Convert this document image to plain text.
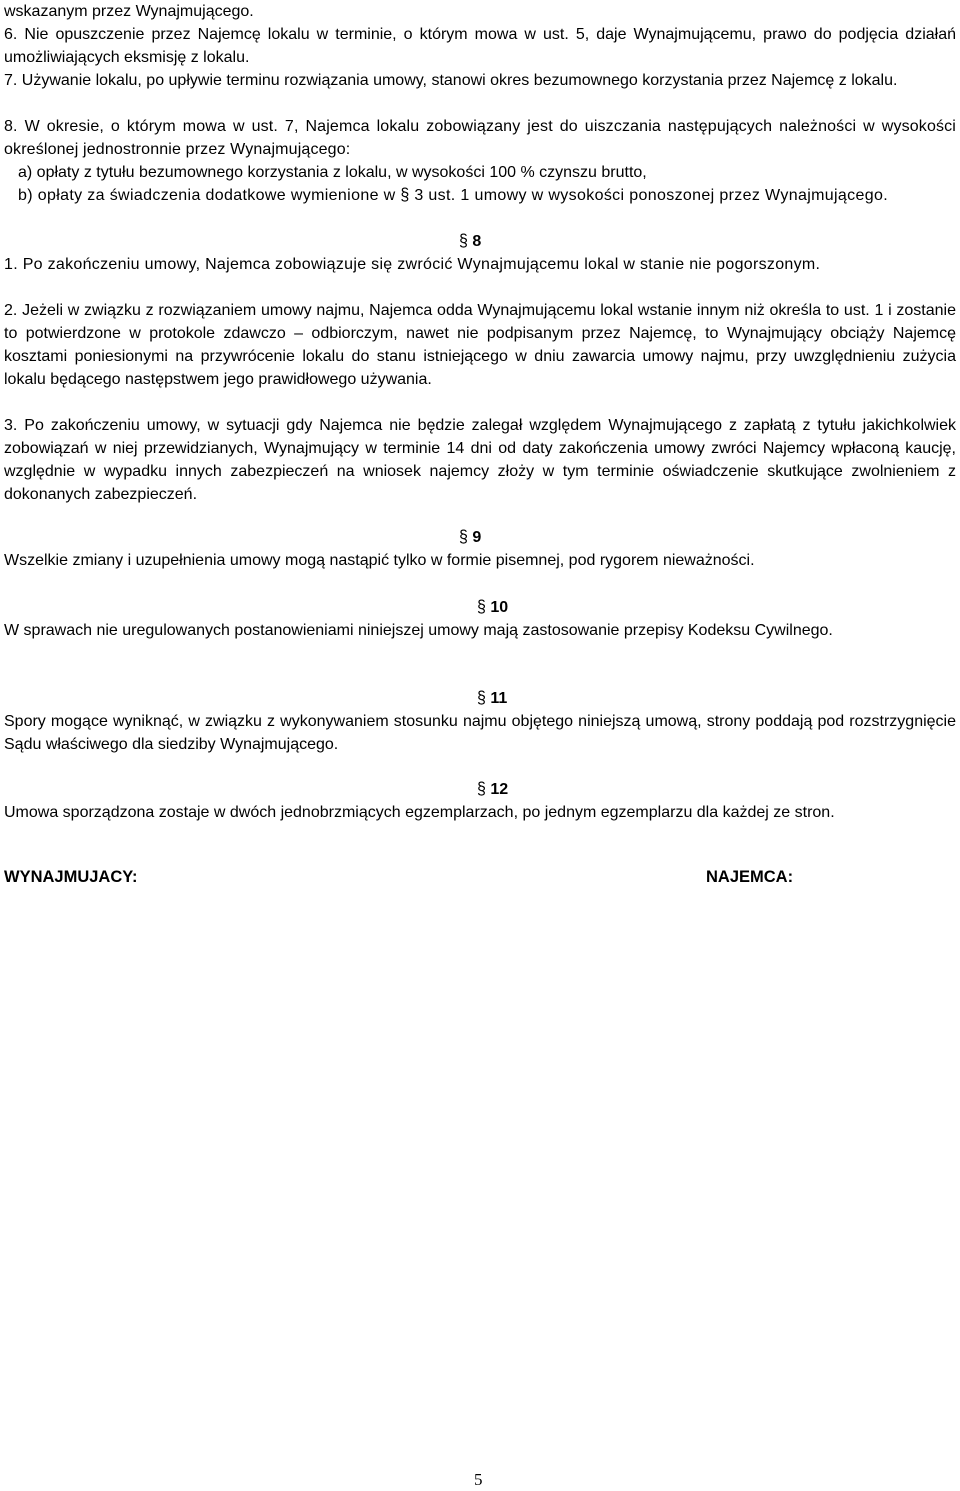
wskazanym przez Wynajmującego.

6. Nie opuszczenie przez Najemcę lokalu w terminie, o którym mowa w ust. 5, daje Wynajmującemu, prawo do podjęcia działań umożliwiających eksmisję z lokalu.

7. Używanie lokalu, po upływie terminu rozwiązania umowy, stanowi okres bezumownego korzystania przez Najemcę z lokalu.

8. W okresie, o którym mowa w ust. 7, Najemca lokalu zobowiązany jest do uiszczania następujących należności w wysokości określonej jednostronnie przez Wynajmującego:

a) opłaty z tytułu bezumownego korzystania z lokalu, w wysokości 100 % czynszu brutto,

b) opłaty za świadczenia dodatkowe wymienione w § 3 ust. 1 umowy w wysokości ponoszonej przez Wynajmującego.

§ 8

1. Po zakończeniu umowy, Najemca zobowiązuje się zwrócić Wynajmującemu lokal w stanie nie pogorszonym.

2. Jeżeli w związku z rozwiązaniem umowy najmu, Najemca odda Wynajmującemu lokal wstanie innym niż określa to ust. 1 i zostanie to potwierdzone w protokole zdawczo – odbiorczym, nawet nie podpisanym przez Najemcę, to Wynajmujący obciąży Najemcę kosztami poniesionymi na przywrócenie lokalu do stanu istniejącego w dniu zawarcia umowy najmu, przy uwzględnieniu zużycia lokalu będącego następstwem jego prawidłowego używania.

3. Po zakończeniu umowy, w sytuacji gdy Najemca nie będzie zalegał względem Wynajmującego z zapłatą z tytułu jakichkolwiek zobowiązań w niej przewidzianych, Wynajmujący w terminie 14 dni od daty zakończenia umowy zwróci Najemcy wpłaconą kaucję, względnie w wypadku innych zabezpieczeń na wniosek najemcy złoży w tym terminie oświadczenie skutkujące zwolnieniem z dokonanych zabezpieczeń.

§ 9

Wszelkie zmiany i uzupełnienia umowy mogą nastąpić tylko w formie pisemnej, pod rygorem nieważności.

§ 10

W sprawach nie uregulowanych postanowieniami niniejszej umowy mają zastosowanie przepisy Kodeksu Cywilnego.

§ 11

Spory mogące wyniknąć, w związku z wykonywaniem stosunku najmu objętego niniejszą umową, strony poddają pod rozstrzygnięcie Sądu właściwego dla siedziby Wynajmującego.

§ 12

Umowa sporządzona zostaje w dwóch jednobrzmiących egzemplarzach, po jednym egzemplarzu dla każdej ze stron.

WYNAJMUJACY:	NAJEMCA:
5
